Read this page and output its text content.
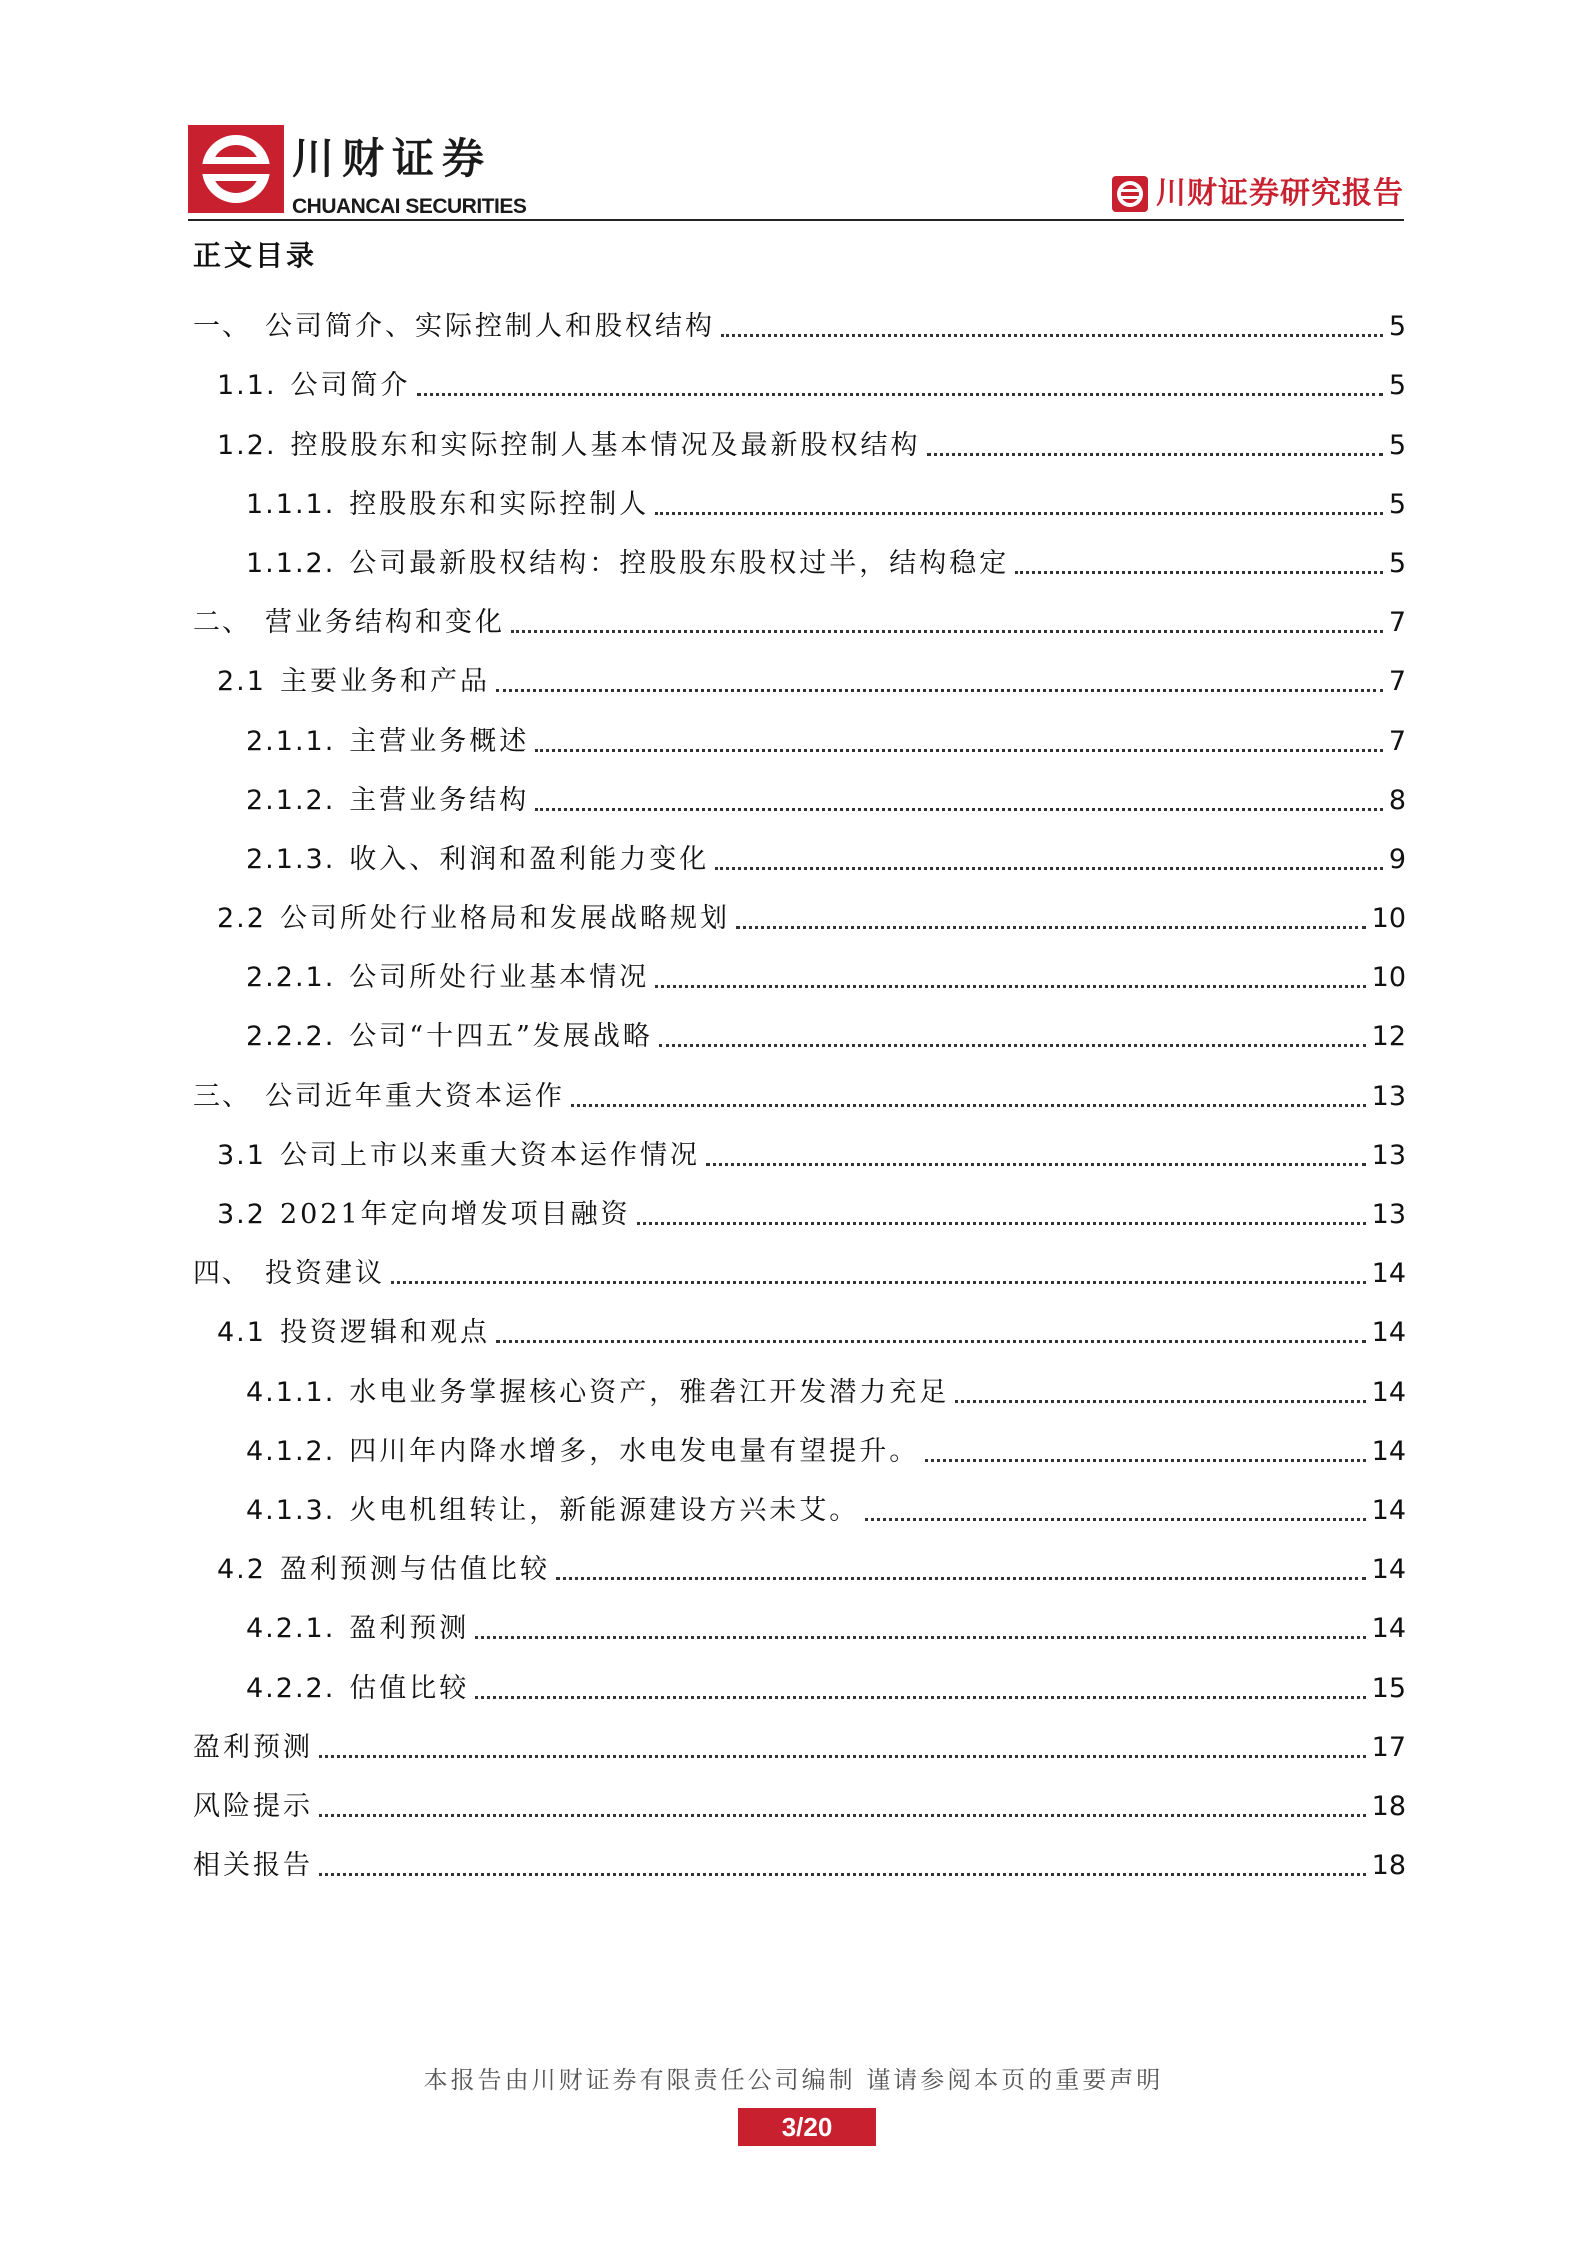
川财证券
CHUANCAI SECURITIES	川财证券研究报告
正文目录
一、 公司简介、实际控制人和股权结构	5
1.1. 公司简介	5
1.2. 控股股东和实际控制人基本情况及最新股权结构	5
1.1.1. 控股股东和实际控制人	5
1.1.2. 公司最新股权结构：控股股东股权过半，结构稳定	5
二、 营业务结构和变化	7
2.1 主要业务和产品	7
2.1.1. 主营业务概述	7
2.1.2. 主营业务结构	8
2.1.3. 收入、利润和盈利能力变化	9
2.2 公司所处行业格局和发展战略规划	10
2.2.1. 公司所处行业基本情况	10
2.2.2. 公司“十四五”发展战略	12
三、 公司近年重大资本运作	13
3.1 公司上市以来重大资本运作情况	13
3.2 2021年定向增发项目融资	13
四、 投资建议	14
4.1 投资逻辑和观点	14
4.1.1. 水电业务掌握核心资产，雅砻江开发潜力充足	14
4.1.2. 四川年内降水增多，水电发电量有望提升。	14
4.1.3. 火电机组转让，新能源建设方兴未艾。	14
4.2 盈利预测与估值比较	14
4.2.1. 盈利预测	14
4.2.2. 估值比较	15
盈利预测	17
风险提示	18
相关报告	18
本报告由川财证券有限责任公司编制 谨请参阅本页的重要声明
3/20
